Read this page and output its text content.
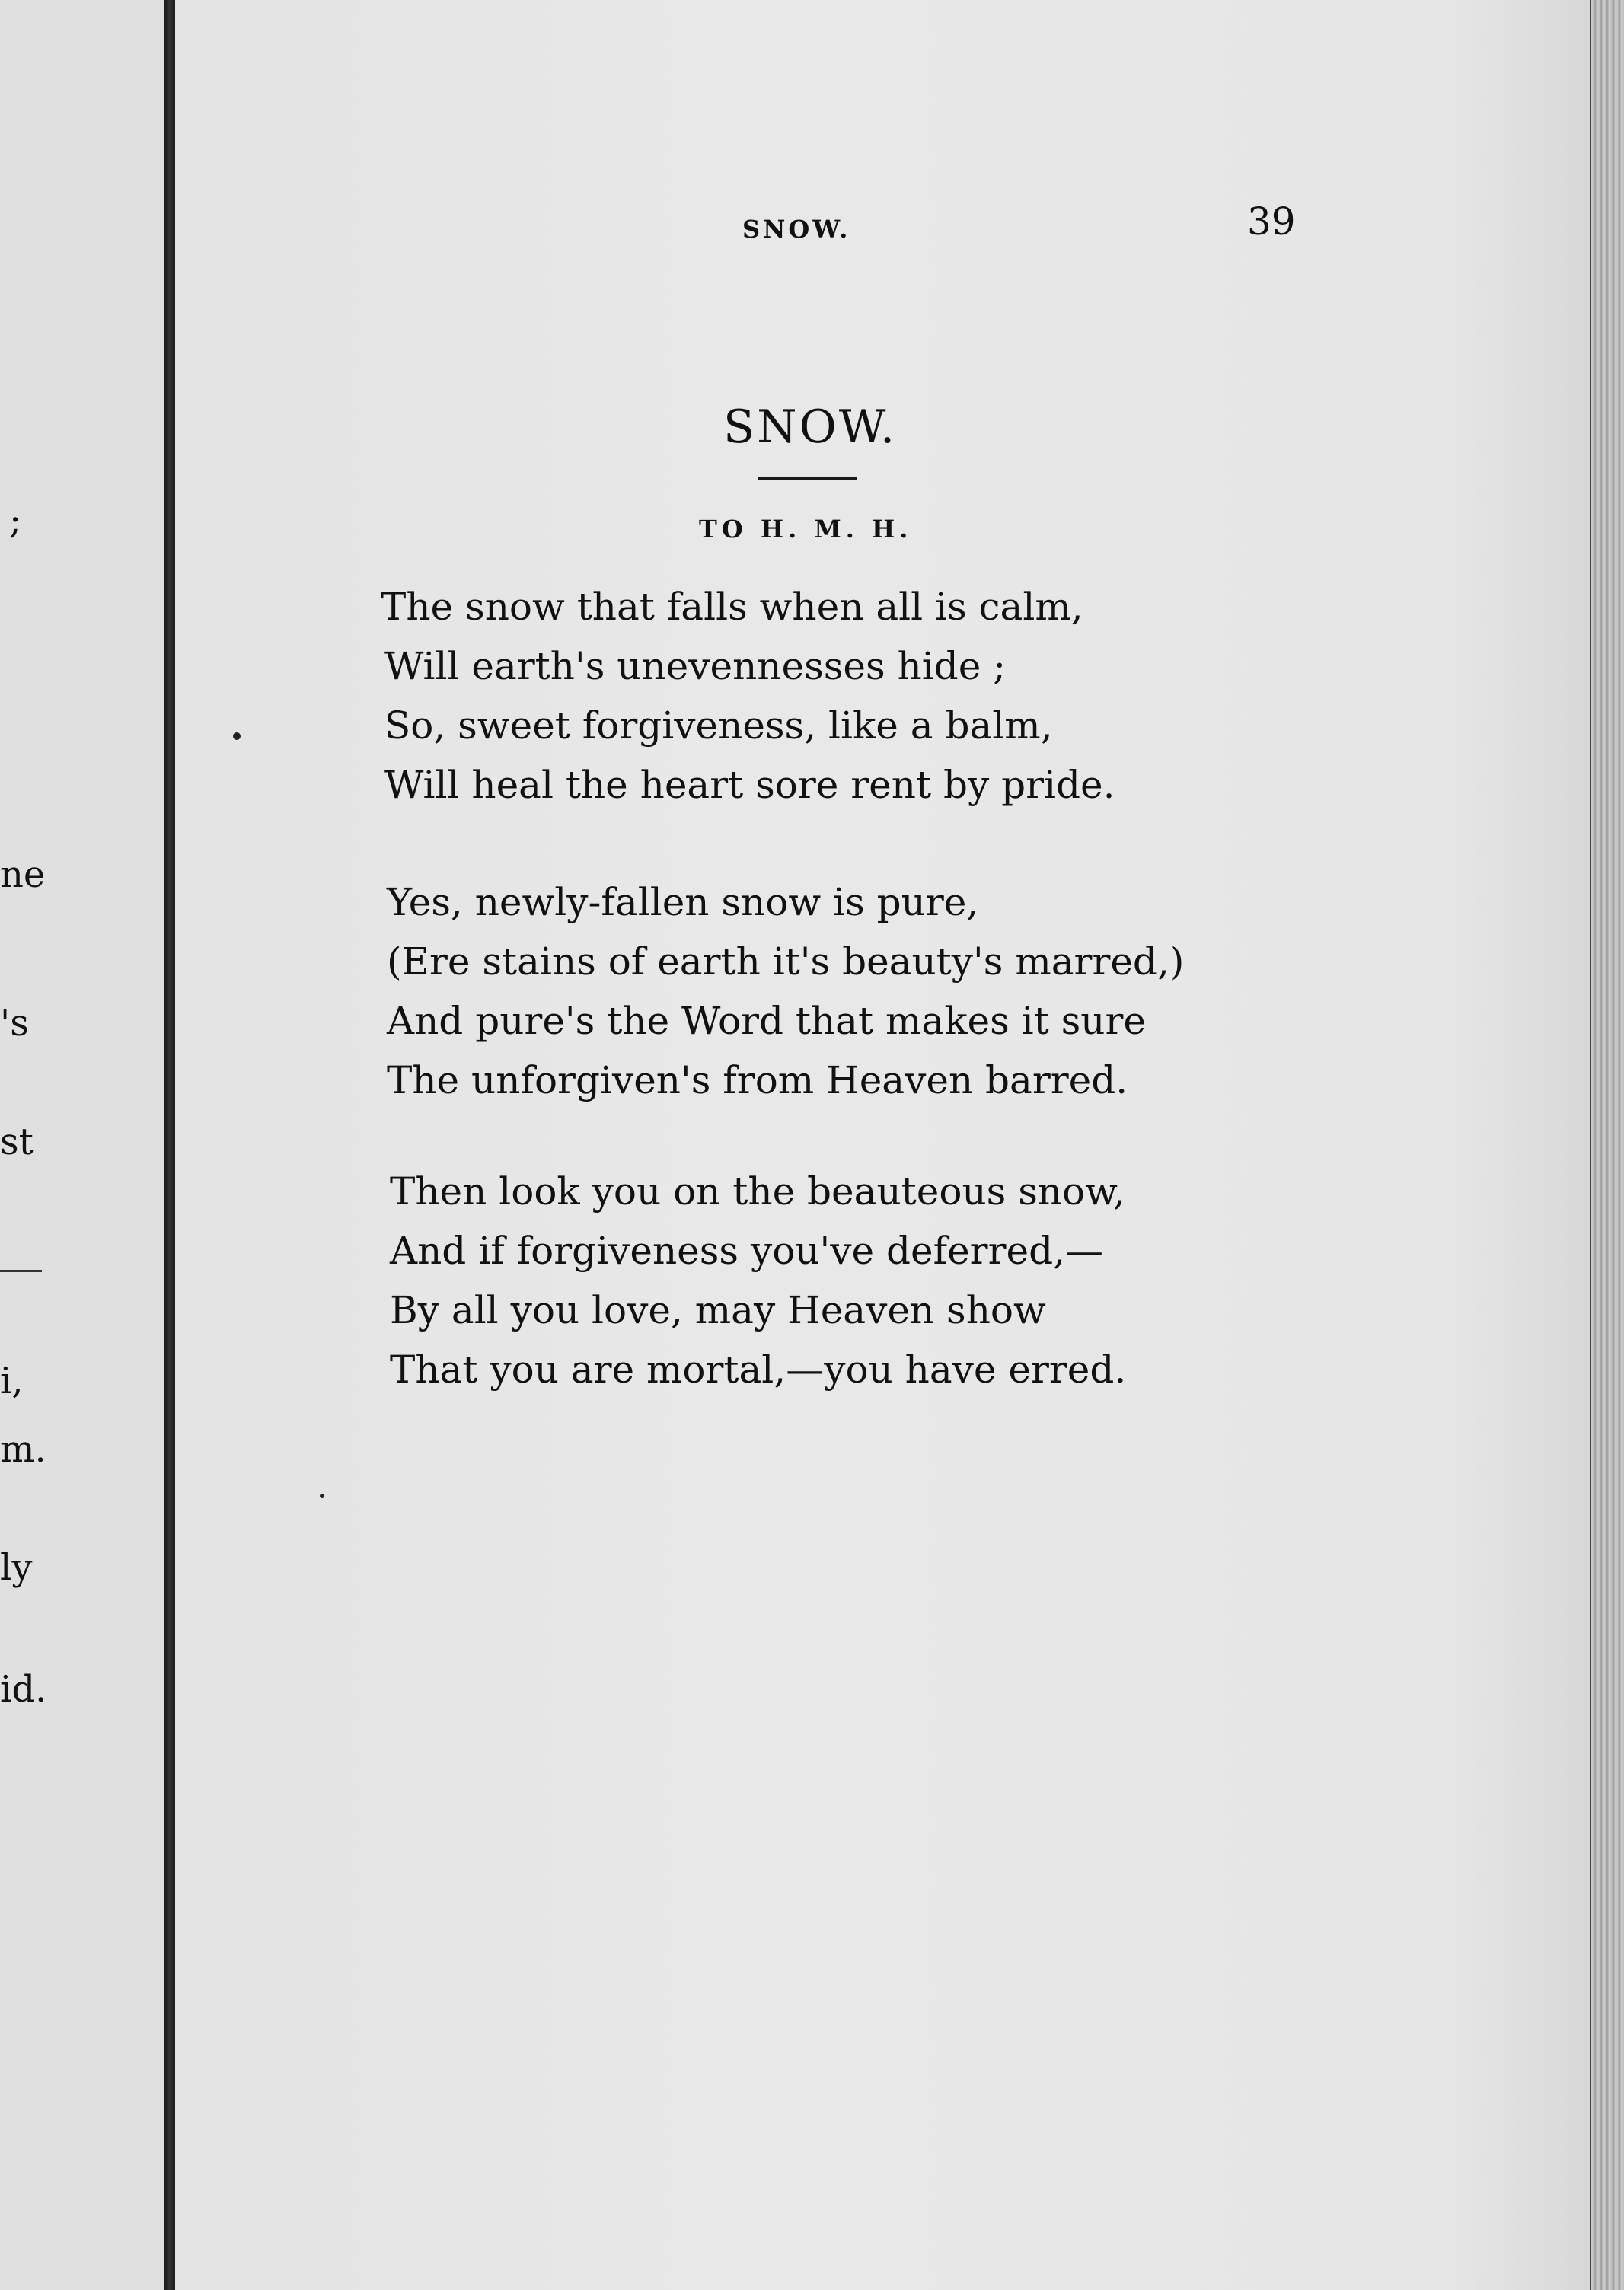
;
ne
's
st
i,
m.
ly
id.
SNOW.	39
SNOW.
TO H. M. H.
The snow that falls when all is calm,
Will earth's unevennesses hide ;
So, sweet forgiveness, like a balm,
Will heal the heart sore rent by pride.
Yes, newly-fallen snow is pure,
(Ere stains of earth it's beauty's marred,)
And pure's the Word that makes it sure
The unforgiven's from Heaven barred.
Then look you on the beauteous snow,
And if forgiveness you've deferred,—
By all you love, may Heaven show
That you are mortal,—you have erred.
